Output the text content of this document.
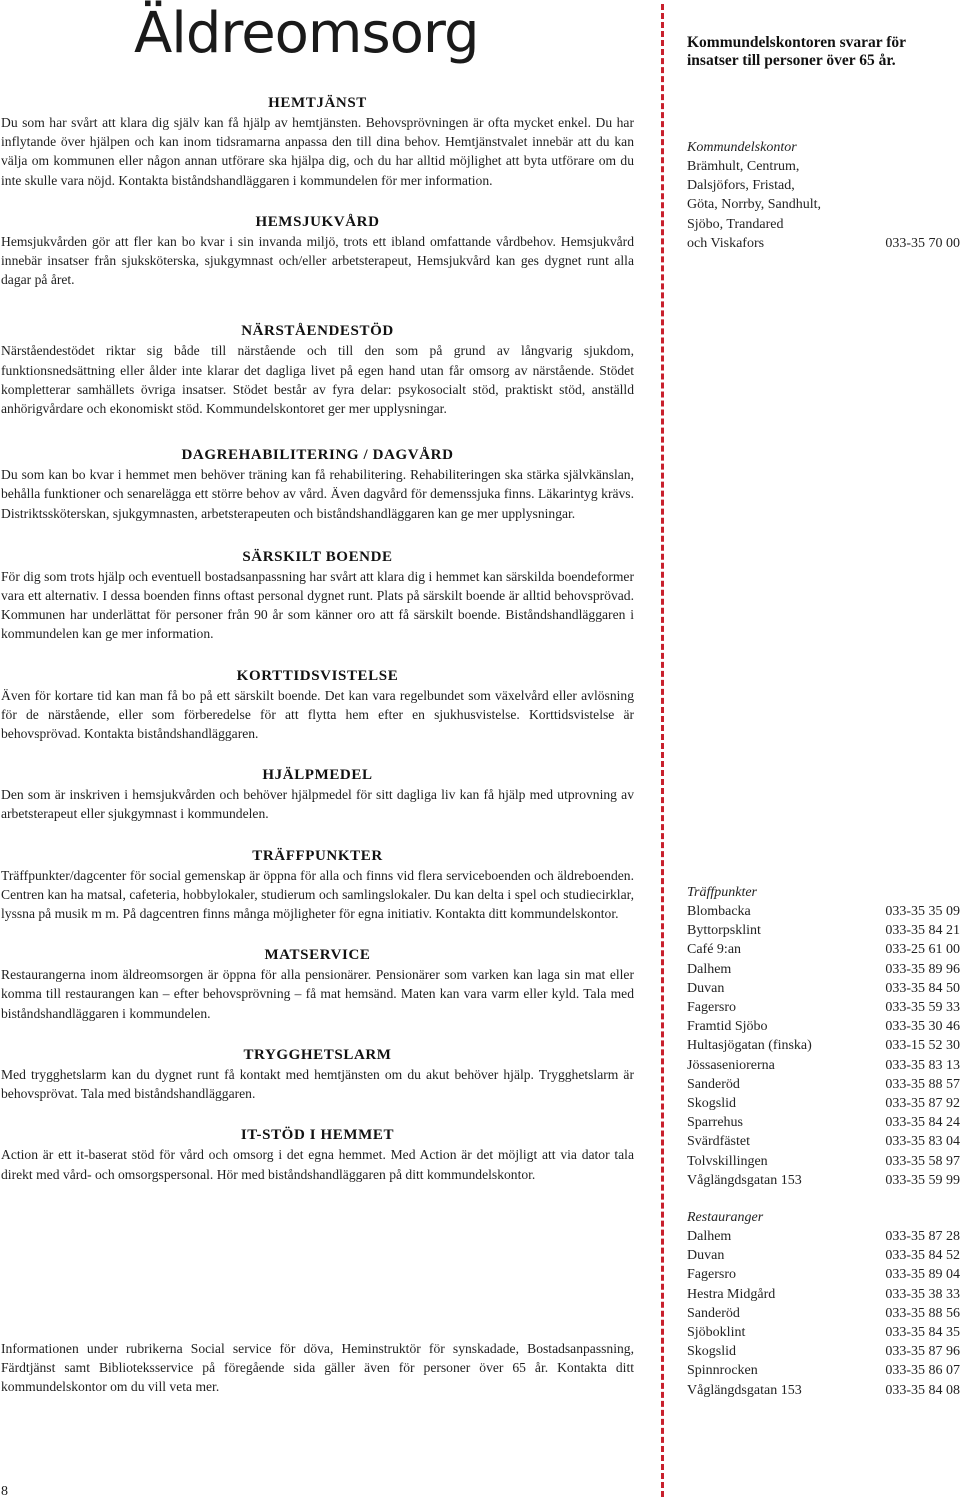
Äldreomsorg
HEMTJÄNST

Du som har svårt att klara dig själv kan få hjälp av hemtjänsten. Behovsprövningen är ofta mycket enkel. Du har inflytande över hjälpen och kan inom tidsramarna anpassa den till dina behov. Hemtjänstvalet innebär att du kan välja om kommunen eller någon annan utförare ska hjälpa dig, och du har alltid möjlighet att byta utförare om du inte skulle vara nöjd. Kontakta biståndshandläggaren i kommundelen för mer information.

HEMSJUKVÅRD

Hemsjukvården gör att fler kan bo kvar i sin invanda miljö, trots ett ibland omfattande vårdbehov. Hemsjukvård innebär insatser från sjuksköterska, sjukgymnast och/eller arbetsterapeut, Hemsjukvård kan ges dygnet runt alla dagar på året.

NÄRSTÅENDESTÖD

Närståendestödet riktar sig både till närstående och till den som på grund av långvarig sjukdom, funktionsnedsättning eller ålder inte klarar det dagliga livet på egen hand utan får omsorg av närstående. Stödet kompletterar samhällets övriga insatser. Stödet består av fyra delar: psykosocialt stöd, praktiskt stöd, anställd anhörigvårdare och ekonomiskt stöd. Kommundelskontoret ger mer upplysningar.

DAGREHABILITERING / DAGVÅRD

Du som kan bo kvar i hemmet men behöver träning kan få rehabilitering. Rehabiliteringen ska stärka självkänslan, behålla funktioner och senarelägga ett större behov av vård. Även dagvård för demenssjuka finns. Läkarintyg krävs. Distriktssköterskan, sjukgymnasten, arbetsterapeuten och biståndshandläggaren kan ge mer upplysningar.

SÄRSKILT BOENDE

För dig som trots hjälp och eventuell bostadsanpassning har svårt att klara dig i hemmet kan särskilda boendeformer vara ett alternativ. I dessa boenden finns oftast personal dygnet runt. Plats på särskilt boende är alltid behovsprövad. Kommunen har underlättat för personer från 90 år som känner oro att få särskilt boende. Biståndshandläggaren i kommundelen kan ge mer information.

KORTTIDSVISTELSE

Även för kortare tid kan man få bo på ett särskilt boende. Det kan vara regelbundet som växelvård eller avlösning för de närstående, eller som förberedelse för att flytta hem efter en sjukhusvistelse. Korttidsvistelse är behovsprövad. Kontakta biståndshandläggaren.

HJÄLPMEDEL

Den som är inskriven i hemsjukvården och behöver hjälpmedel för sitt dagliga liv kan få hjälp med utprovning av arbetsterapeut eller sjukgymnast i kommundelen.

TRÄFFPUNKTER

Träffpunkter/dagcenter för social gemenskap är öppna för alla och finns vid flera serviceboenden och äldreboenden. Centren kan ha matsal, cafeteria, hobbylokaler, studierum och samlingslokaler. Du kan delta i spel och studiecirklar, lyssna på musik m m. På dagcentren finns många möjligheter för egna initiativ. Kontakta ditt kommundelskontor.

MATSERVICE

Restaurangerna inom äldreomsorgen är öppna för alla pensionärer. Pensionärer som varken kan laga sin mat eller komma till restaurangen kan – efter behovsprövning – få mat hemsänd. Maten kan vara varm eller kyld. Tala med biståndshandläggaren i kommundelen.

TRYGGHETSLARM

Med trygghetslarm kan du dygnet runt få kontakt med hemtjänsten om du akut behöver hjälp. Trygghetslarm är behovsprövat. Tala med biståndshandläggaren.

IT-STÖD I HEMMET

Action är ett it-baserat stöd för vård och omsorg i det egna hemmet. Med Action är det möjligt att via dator tala direkt med vård- och omsorgspersonal. Hör med biståndshandläggaren på ditt kommundelskontor.

Informationen under rubrikerna Social service för döva, Heminstruktör för synskadade, Bostadsanpassning, Färdtjänst samt Biblioteksservice på föregående sida gäller även för personer över 65 år. Kontakta ditt kommundelskontor om du vill veta mer.

8

Kommundelskontoren svarar för insatser till personer över 65 år.

Kommundelskontor

Brämhult, Centrum,

Dalsjöfors, Fristad,

Göta, Norrby, Sandhult,

Sjöbo, Trandared

och Viskafors	033-35 70 00

Träffpunkter

Blombacka	033-35 35 09
Byttorpsklint	033-35 84 21
Café 9:an	033-25 61 00
Dalhem	033-35 89 96
Duvan	033-35 84 50
Fagersro	033-35 59 33
Framtid Sjöbo	033-35 30 46
Hultasjögatan (finska)	033-15 52 30
Jössaseniorerna	033-35 83 13
Sanderöd	033-35 88 57
Skogslid	033-35 87 92
Sparrehus	033-35 84 24
Svärdfästet	033-35 83 04
Tolvskillingen	033-35 58 97
Våglängdsgatan 153	033-35 59 99

Restauranger

Dalhem	033-35 87 28
Duvan	033-35 84 52
Fagersro	033-35 89 04
Hestra Midgård	033-35 38 33
Sanderöd	033-35 88 56
Sjöboklint	033-35 84 35
Skogslid	033-35 87 96
Spinnrocken	033-35 86 07
Våglängdsgatan 153	033-35 84 08
